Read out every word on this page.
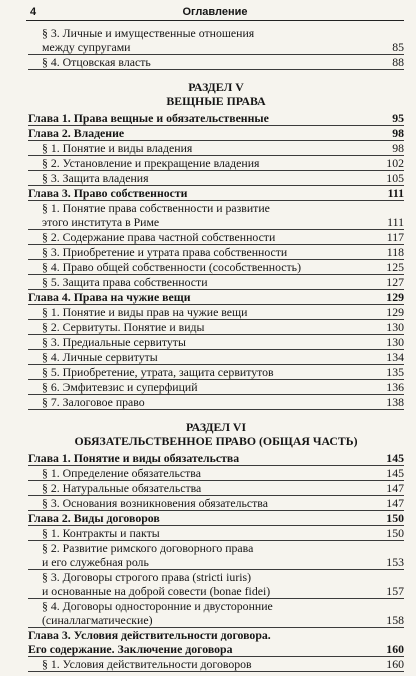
4	Оглавление
§ 3. Личные и имущественные отношения
между супругами	85
§ 4. Отцовская власть	88
РАЗДЕЛ V
ВЕЩНЫЕ ПРАВА
Глава 1. Права вещные и обязательственные	95
Глава 2. Владение	98
§ 1. Понятие и виды владения	98
§ 2. Установление и прекращение владения	102
§ 3. Защита владения	105
Глава 3. Право собственности	111
§ 1. Понятие права собственности и развитие
этого института в Риме	111
§ 2. Содержание права частной собственности	117
§ 3. Приобретение и утрата права собственности	118
§ 4. Право общей собственности (сособственность)	125
§ 5. Защита права собственности	127
Глава 4. Права на чужие вещи	129
§ 1. Понятие и виды прав на чужие вещи	129
§ 2. Сервитуты. Понятие и виды	130
§ 3. Предиальные сервитуты	130
§ 4. Личные сервитуты	134
§ 5. Приобретение, утрата, защита сервитутов	135
§ 6. Эмфитевзис и суперфиций	136
§ 7. Залоговое право	138
РАЗДЕЛ VI
ОБЯЗАТЕЛЬСТВЕННОЕ ПРАВО (ОБЩАЯ ЧАСТЬ)
Глава 1. Понятие и виды обязательства	145
§ 1. Определение обязательства	145
§ 2. Натуральные обязательства	147
§ 3. Основания возникновения обязательства	147
Глава 2. Виды договоров	150
§ 1. Контракты и пакты	150
§ 2. Развитие римского договорного права
и его служебная роль	153
§ 3. Договоры строгого права (stricti iuris)
и основанные на доброй совести (bonae fidei)	157
§ 4. Договоры односторонние и двусторонние
(синаллагматические)	158
Глава 3. Условия действительности договора.
Его содержание. Заключение договора	160
§ 1. Условия действительности договоров	160
